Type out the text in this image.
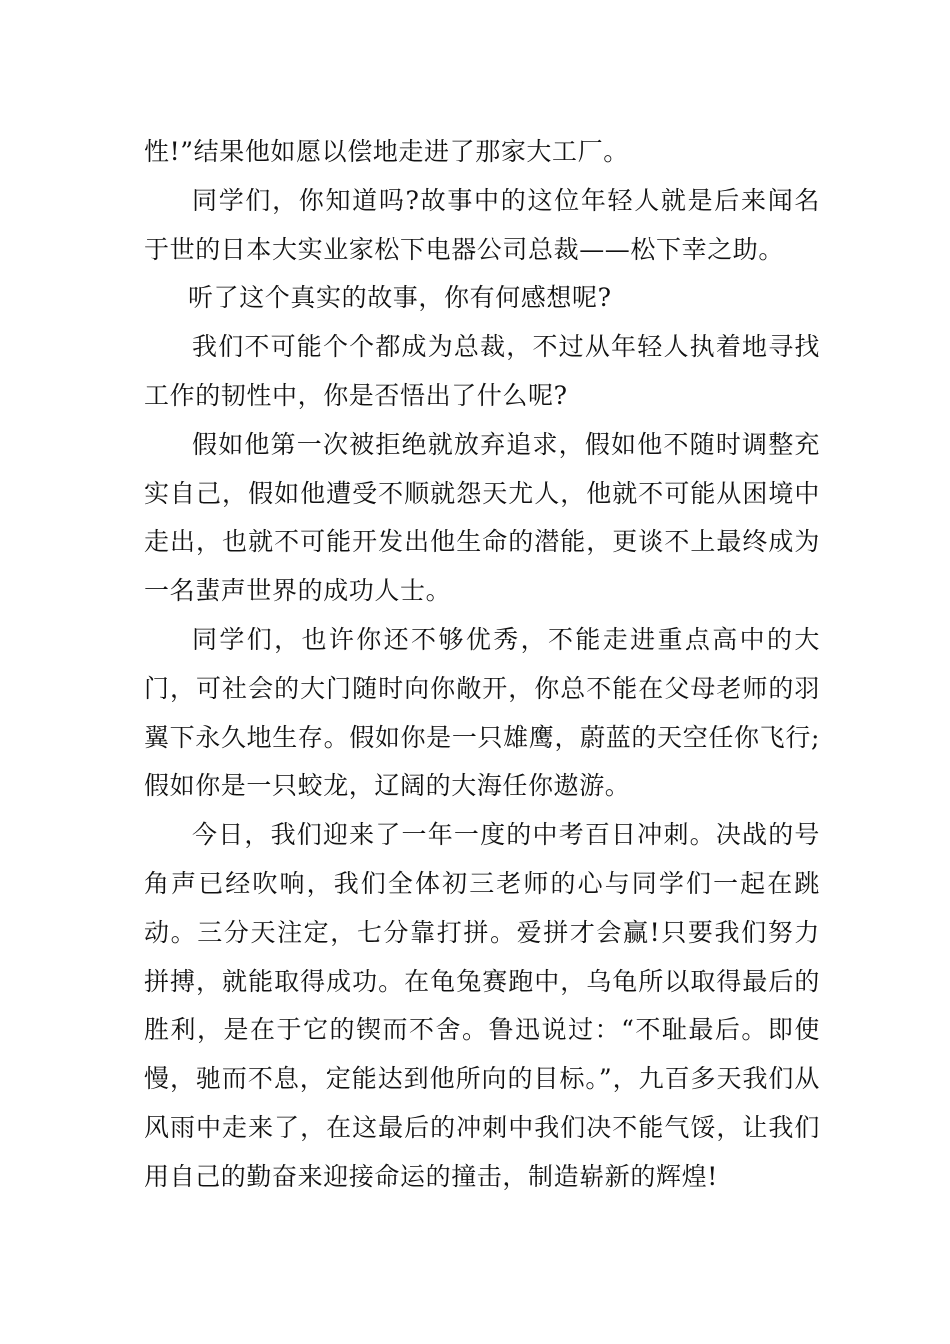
性!”结果他如愿以偿地走进了那家大工厂。

同学们，你知道吗?故事中的这位年轻人就是后来闻名于世的日本大实业家松下电器公司总裁——松下幸之助。

听了这个真实的故事，你有何感想呢?

我们不可能个个都成为总裁，不过从年轻人执着地寻找工作的韧性中，你是否悟出了什么呢?

假如他第一次被拒绝就放弃追求，假如他不随时调整充实自己，假如他遭受不顺就怨天尤人，他就不可能从困境中走出，也就不可能开发出他生命的潜能，更谈不上最终成为一名蜚声世界的成功人士。

同学们，也许你还不够优秀，不能走进重点高中的大门，可社会的大门随时向你敞开，你总不能在父母老师的羽翼下永久地生存。假如你是一只雄鹰，蔚蓝的天空任你飞行;假如你是一只蛟龙，辽阔的大海任你遨游。

今日，我们迎来了一年一度的中考百日冲刺。决战的号角声已经吹响，我们全体初三老师的心与同学们一起在跳动。三分天注定，七分靠打拼。爱拼才会赢!只要我们努力拼搏，就能取得成功。在龟兔赛跑中，乌龟所以取得最后的胜利，是在于它的锲而不舍。鲁迅说过：“不耻最后。即使慢，驰而不息，定能达到他所向的目标。”，九百多天我们从风雨中走来了，在这最后的冲刺中我们决不能气馁，让我们用自己的勤奋来迎接命运的撞击，制造崭新的辉煌!
